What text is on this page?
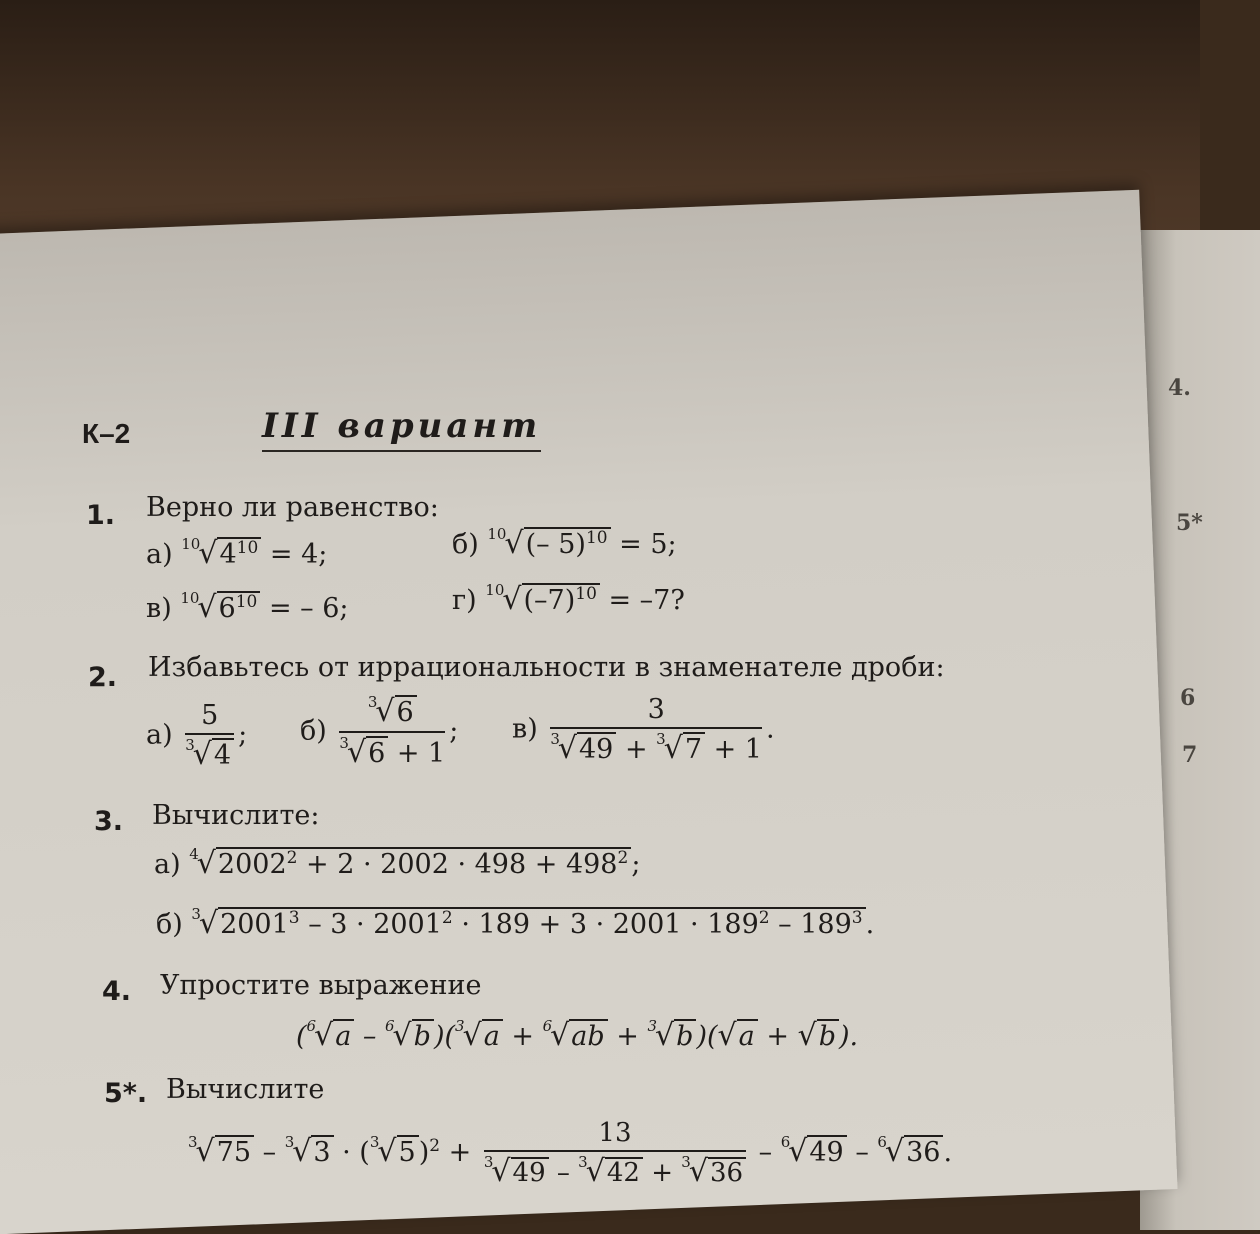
4.
5*
6
7
К–2	III вариант
1. Верно ли равенство:
а) $^{10}√4^{10} = 4$;	б) $^{10}$√(– 5)$^{10}$ = 5;
в) $^{10}√6^{10}$ = – 6;	г) $^{10}√(-7)^{10} = -7$?
2. Избавьтесь от иррациональности в знаменателе дроби:
$а) \frac{5}{^3√4}$ ; $б) \frac{^3√6}{^3√6 + 1}$ ; $в) \frac{3}{^3√49 + ^3√7 + 1}$ .
3. Вычислите:
а) $^4√2002^2 + 2 \cdot 2002 \cdot 498 + 498^2$ ;
б) $^3√2001^3 - 3 \cdot 2001^2 \cdot 189 + 3 \cdot 2001 \cdot 189^2 - 189^3$ .
4. Упростите выражение
($^6$√a – $^6$√b )($^3$√a + $^6$√ab + $^3$√b )(√a + √b ).
5*. Вычислите
$^3$√75 – $^3$√3 · ($^3$√5 )$^2 + \frac{13}{^3√49 - ^3√42 + ^3√36} - ^6√49 - ^6√36$ .
